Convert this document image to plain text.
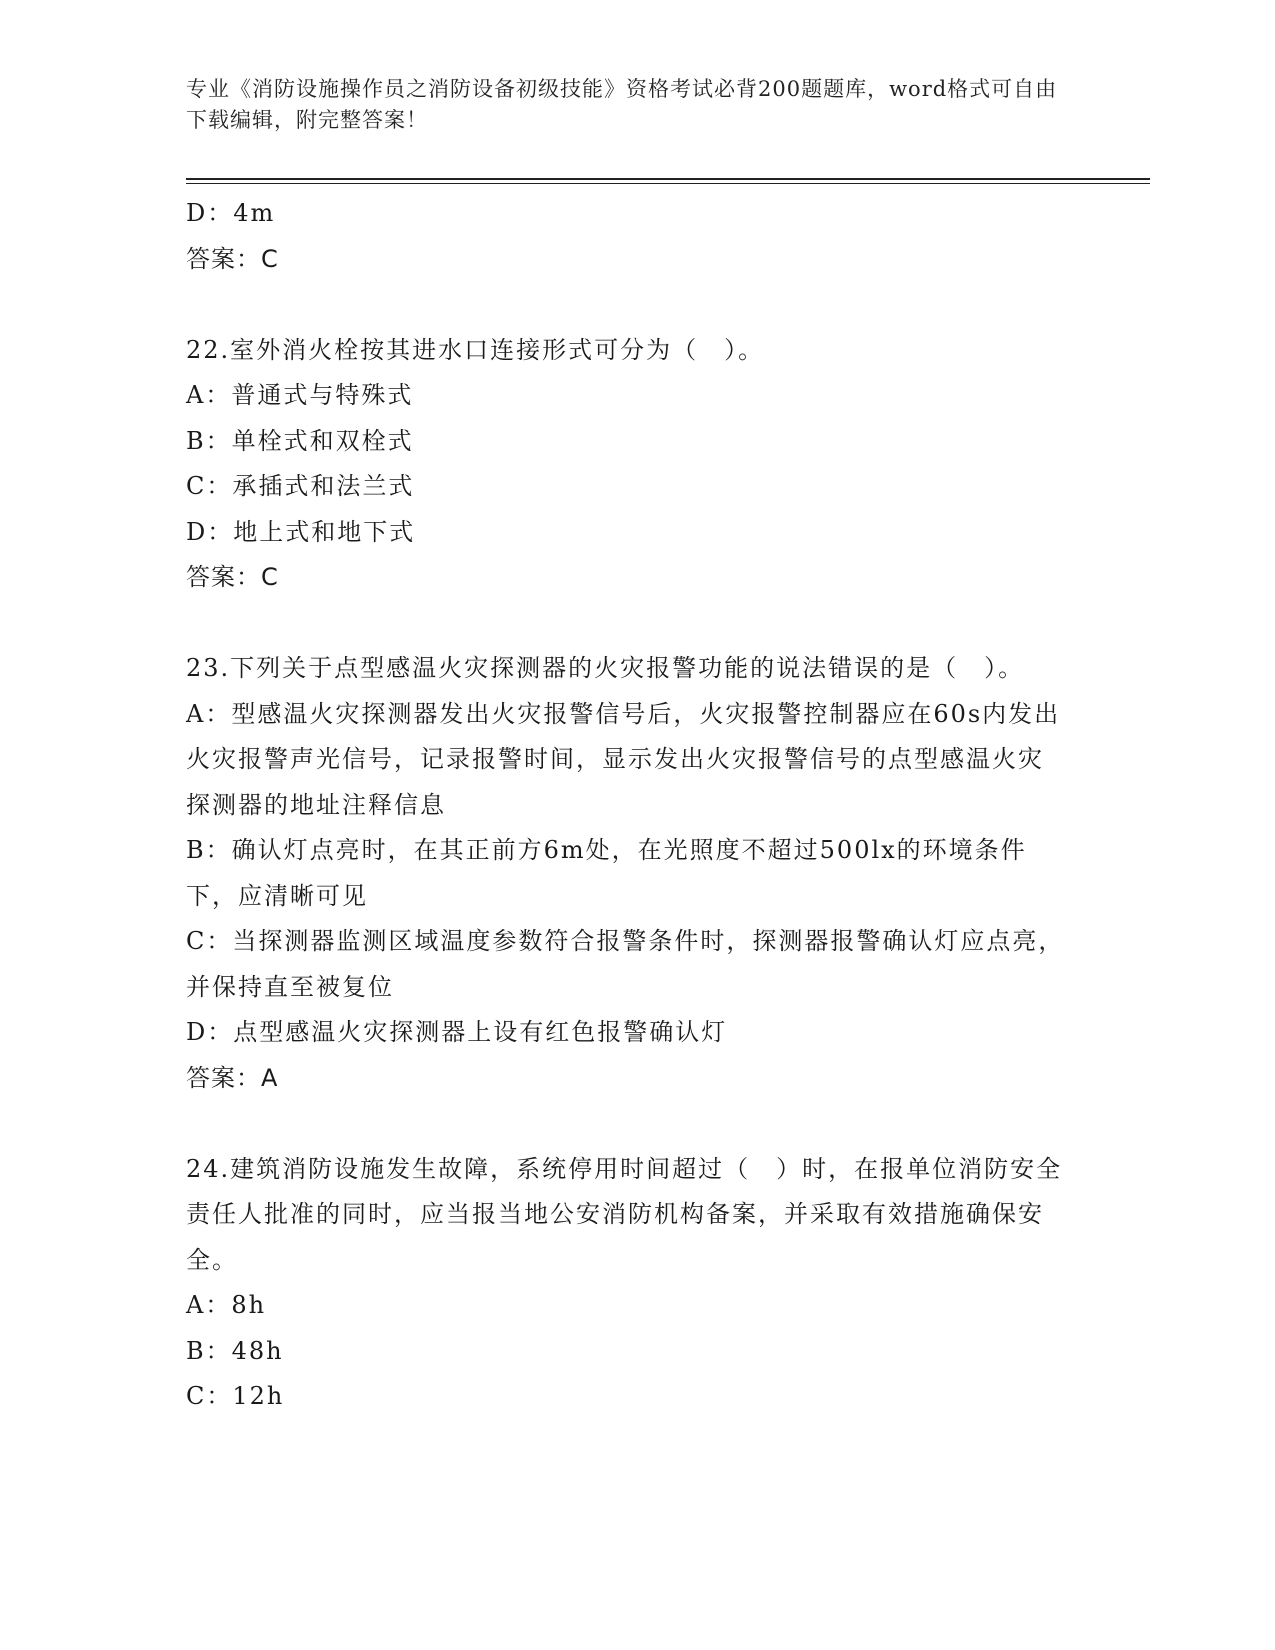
专业《消防设施操作员之消防设备初级技能》资格考试必背200题题库，word格式可自由下载编辑，附完整答案！
D：4m
答案：C
22.室外消火栓按其进水口连接形式可分为（　）。
A：普通式与特殊式
B：单栓式和双栓式
C：承插式和法兰式
D：地上式和地下式
答案：C
23.下列关于点型感温火灾探测器的火灾报警功能的说法错误的是（　）。
A：型感温火灾探测器发出火灾报警信号后，火灾报警控制器应在60s内发出火灾报警声光信号，记录报警时间，显示发出火灾报警信号的点型感温火灾探测器的地址注释信息
B：确认灯点亮时，在其正前方6m处，在光照度不超过500lx的环境条件下，应清晰可见
C：当探测器监测区域温度参数符合报警条件时，探测器报警确认灯应点亮，并保持直至被复位
D：点型感温火灾探测器上设有红色报警确认灯
答案：A
24.建筑消防设施发生故障，系统停用时间超过（　）时，在报单位消防安全责任人批准的同时，应当报当地公安消防机构备案，并采取有效措施确保安全。
A：8h
B：48h
C：12h
